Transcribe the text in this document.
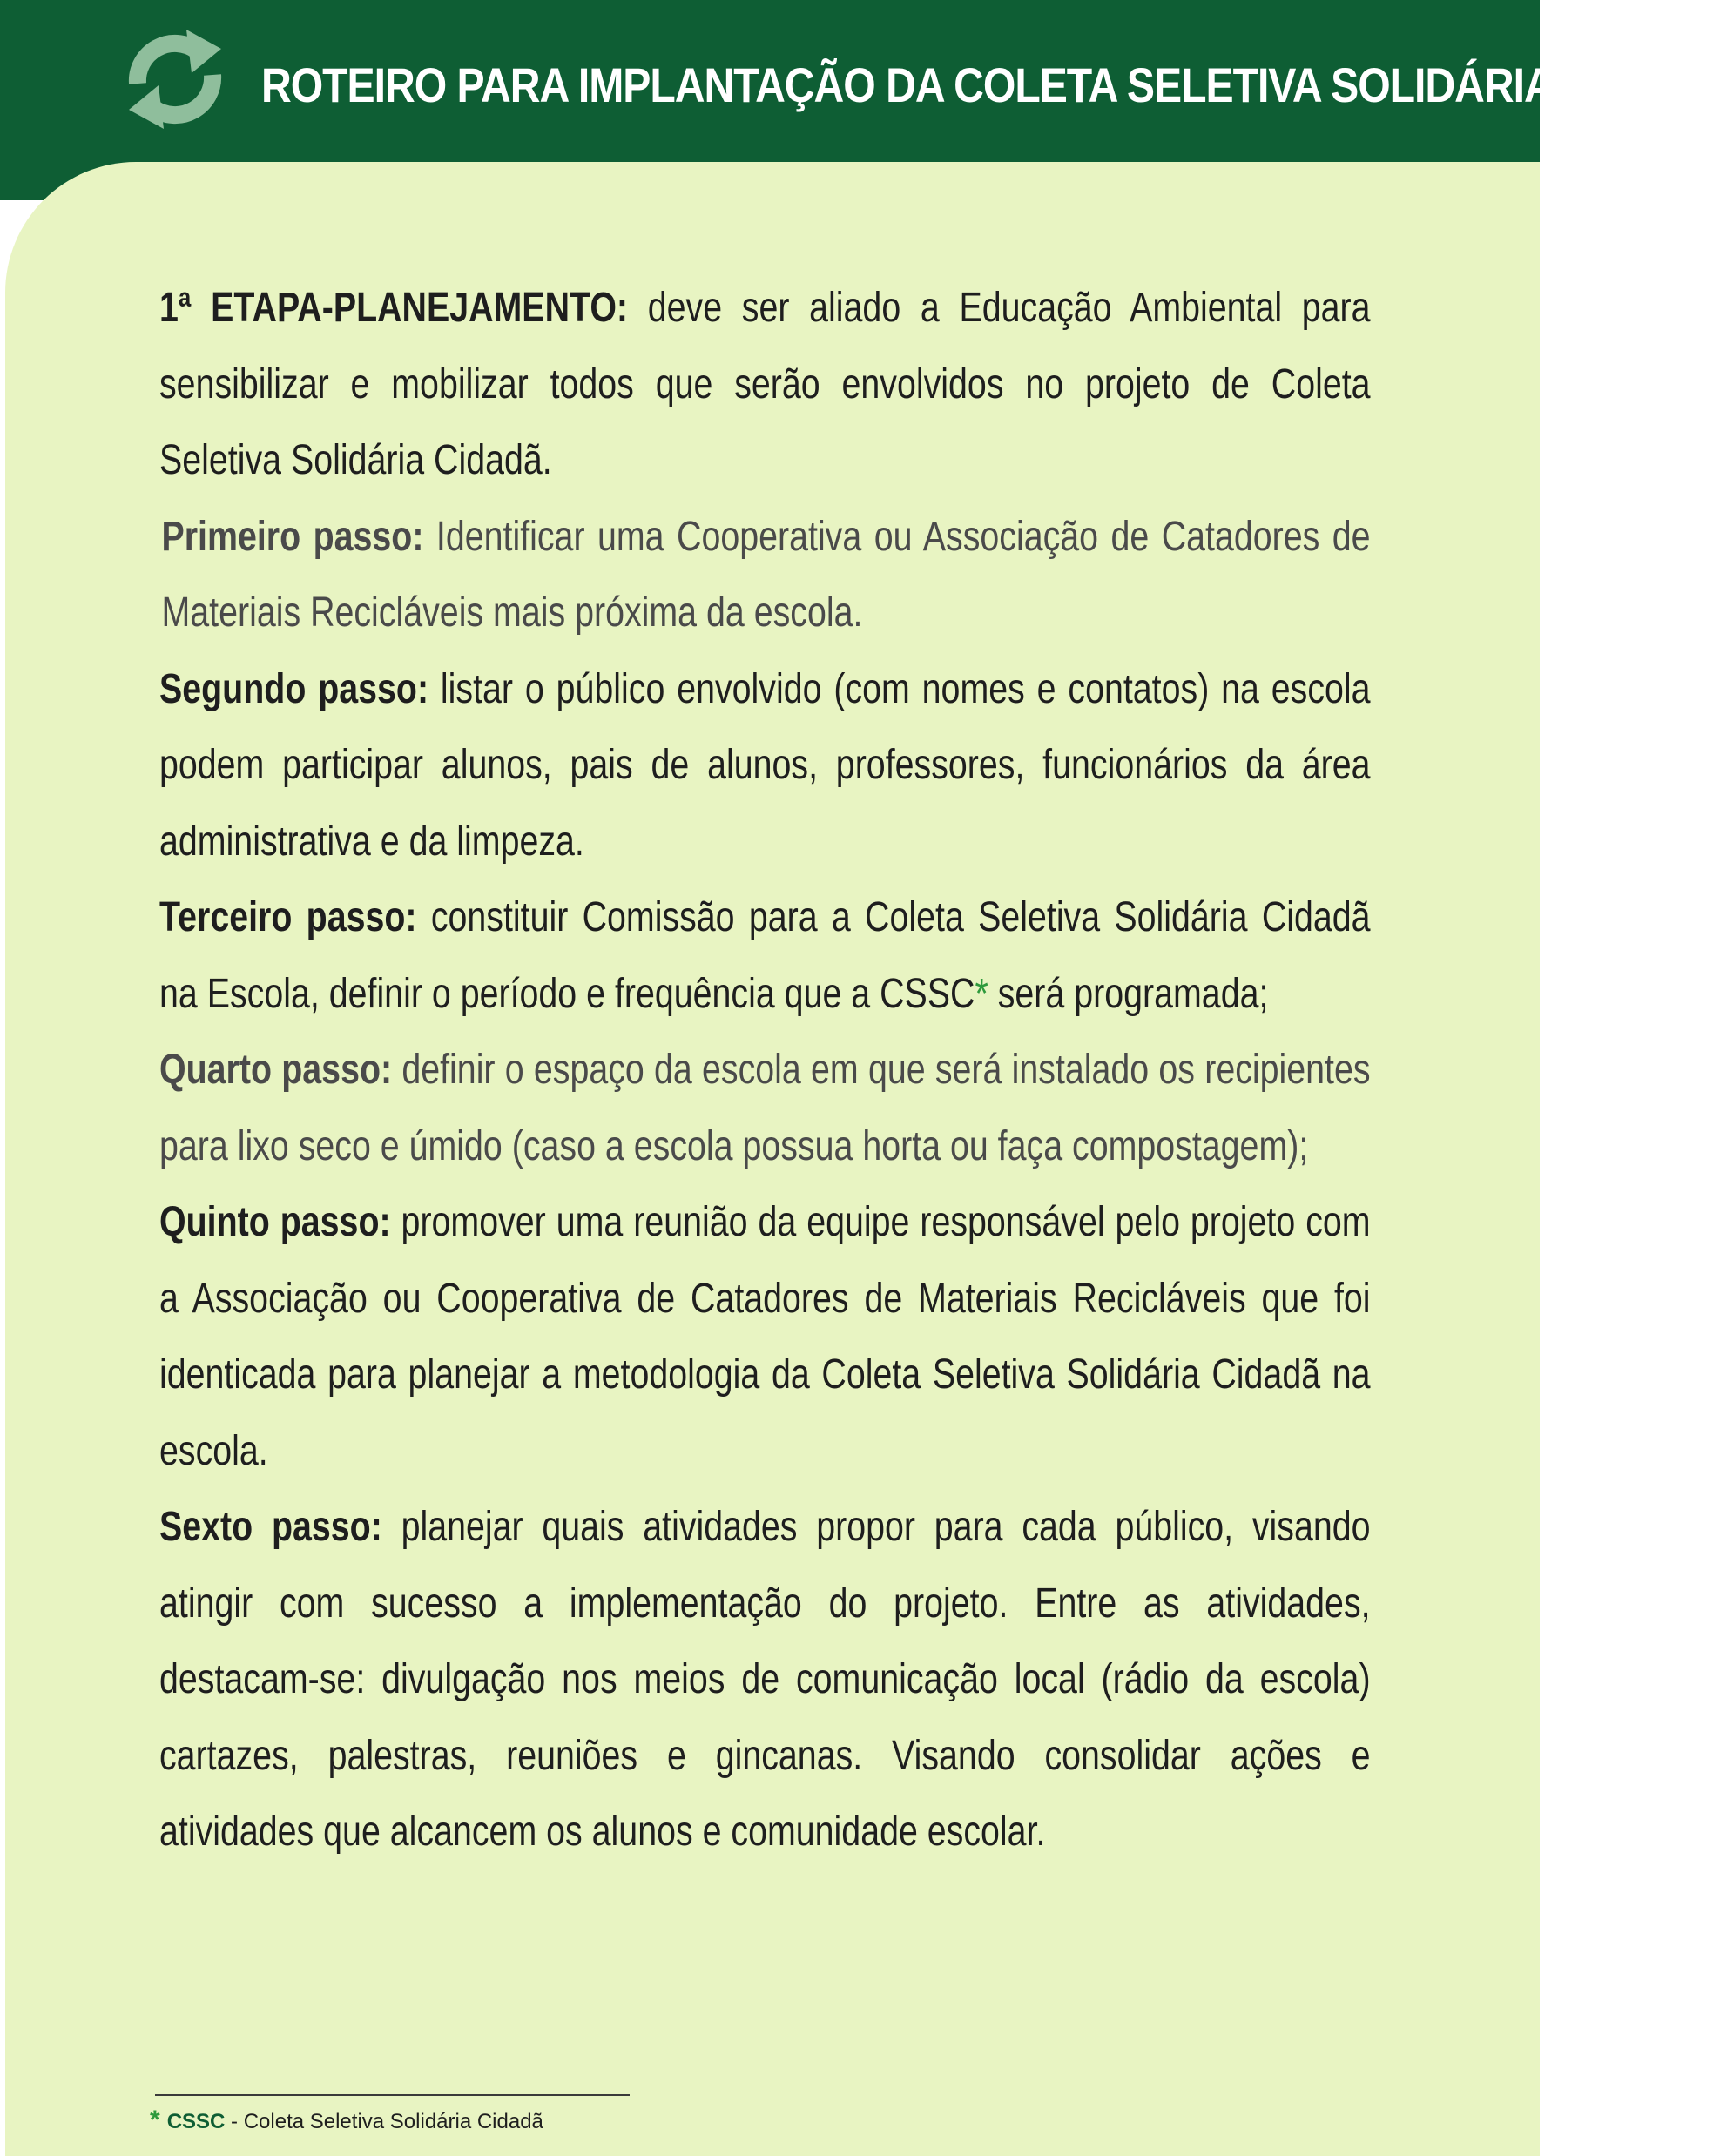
ROTEIRO PARA IMPLANTAÇÃO DA COLETA SELETIVA SOLIDÁRIA CIDADÃ

1ª ETAPA-PLANEJAMENTO: deve ser aliado a Educação Ambiental para sensibilizar e mobilizar todos que serão envolvidos no projeto de Coleta Seletiva Solidária Cidadã.

Primeiro passo: Identificar uma Cooperativa ou Associação de Catadores de Materiais Recicláveis mais próxima da escola.

Segundo passo: listar o público envolvido (com nomes e contatos) na escola podem participar alunos, pais de alunos, professores, funcionários da área administrativa e da limpeza.

Terceiro passo: constituir Comissão para a Coleta Seletiva Solidária Cidadã na Escola, definir o período e frequência que a CSSC* será programada;

Quarto passo: definir o espaço da escola em que será instalado os recipientes para lixo seco e úmido (caso a escola possua horta ou faça compostagem);

Quinto passo: promover uma reunião da equipe responsável pelo projeto com a Associação ou Cooperativa de Catadores de Materiais Recicláveis que foi identicada para planejar a metodologia da Coleta Seletiva Solidária Cidadã na escola.

Sexto passo: planejar quais atividades propor para cada público, visando atingir com sucesso a implementação do projeto. Entre as atividades, destacam-se: divulgação nos meios de comunicação local (rádio da escola) cartazes, palestras, reuniões e gincanas. Visando consolidar ações e atividades que alcancem os alunos e comunidade escolar.

* CSSC - Coleta Seletiva Solidária Cidadã
